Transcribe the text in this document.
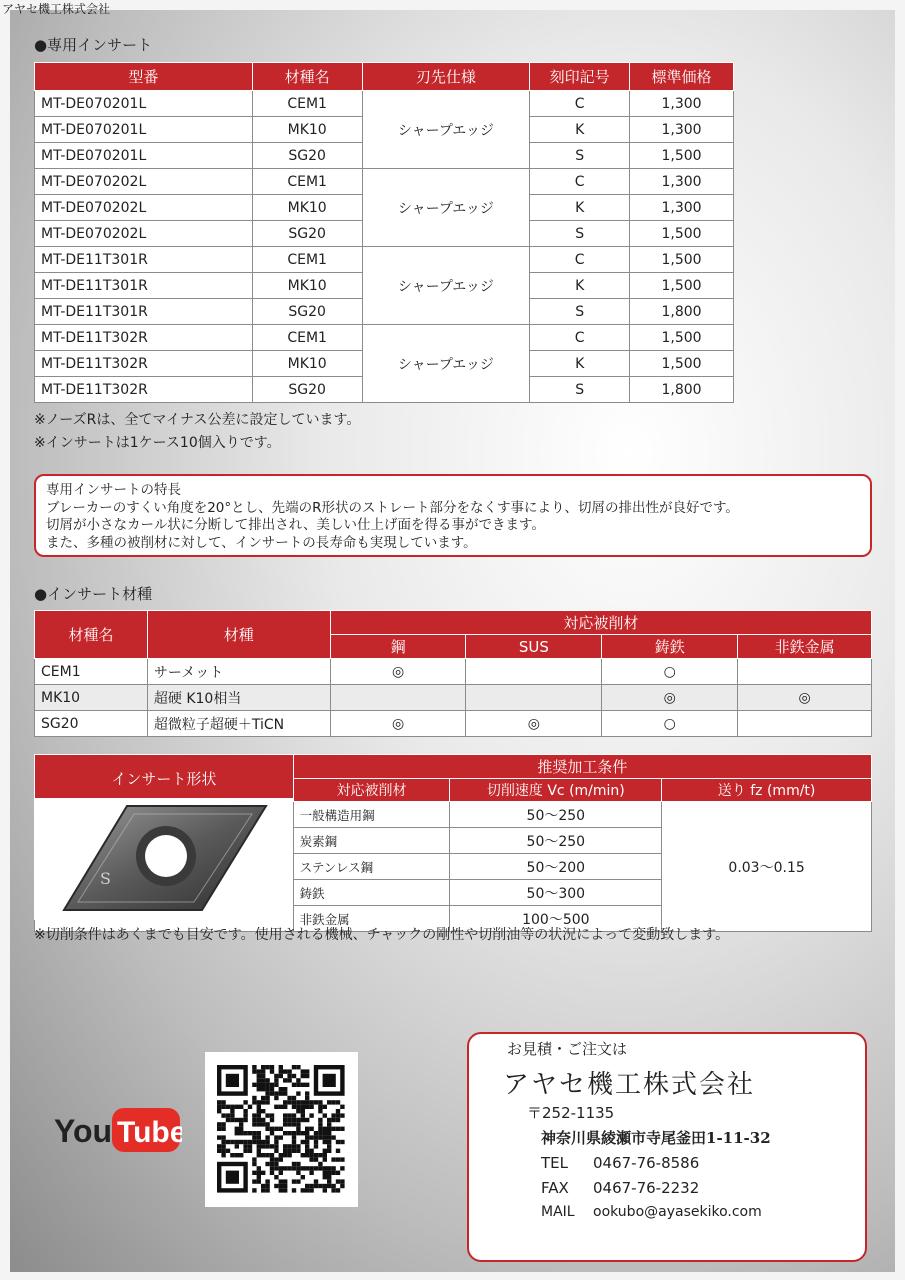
アヤセ機工株式会社
●専用インサート
型番	材種名	刃先仕様	刻印記号	標準価格
MT-DE070201L	CEM1	シャープエッジ	C	1,300
MT-DE070201L	MK10		K	1,300
MT-DE070201L	SG20		S	1,500
MT-DE070202L	CEM1	シャープエッジ	C	1,300
MT-DE070202L	MK10		K	1,300
MT-DE070202L	SG20		S	1,500
MT-DE11T301R	CEM1	シャープエッジ	C	1,500
MT-DE11T301R	MK10		K	1,500
MT-DE11T301R	SG20		S	1,800
MT-DE11T302R	CEM1	シャープエッジ	C	1,500
MT-DE11T302R	MK10		K	1,500
MT-DE11T302R	SG20		S	1,800
※ノーズRは、全てマイナス公差に設定しています。
※インサートは1ケース10個入りです。
専用インサートの特長
ブレーカーのすくい角度を20°とし、先端のR形状のストレート部分をなくす事により、切屑の排出性が良好です。
切屑が小さなカール状に分断して排出され、美しい仕上げ面を得る事ができます。
また、多種の被削材に対して、インサートの長寿命も実現しています。
●インサート材種
材種名	材種	対応被削材			
		鋼	SUS	鋳鉄	非鉄金属
CEM1	サーメット	◎		○	
MK10	超硬 K10相当			◎	◎
SG20	超微粒子超硬＋TiCN	◎	◎	○	
インサート形状	推奨加工条件		
	対応被削材	切削速度 Vc (m/min)	送り fz (mm/t)
	一般構造用鋼	50〜250	0.03〜0.15
	炭素鋼	50〜250	
	ステンレス鋼	50〜200	
	鋳鉄	50〜300	
	非鉄金属	100〜500	
S
※切削条件はあくまでも目安です。使用される機械、チャックの剛性や切削油等の状況によって変動致します。
You Tube
お見積・ご注文は
アヤセ機工株式会社
〒252-1135
神奈川県綾瀬市寺尾釜田1-11-32
TEL 0467-76-8586
FAX 0467-76-2232
MAIL ookubo@ayasekiko.com
